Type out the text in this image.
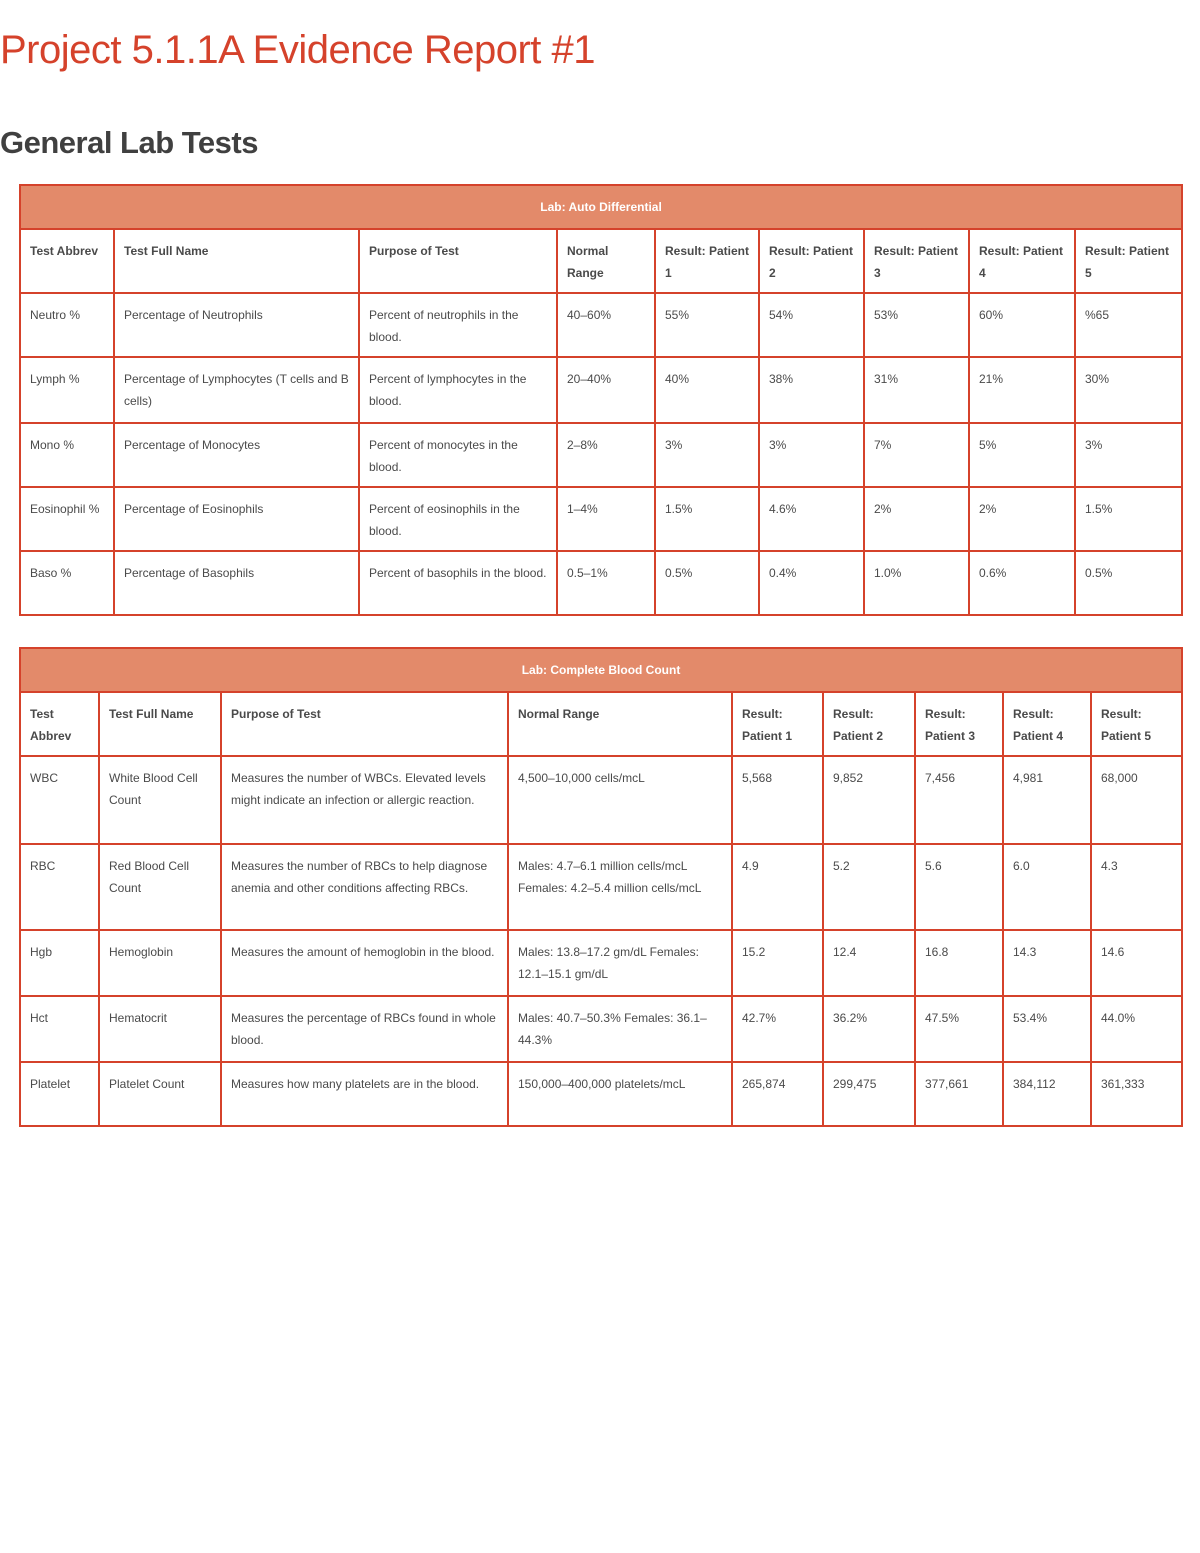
Project 5.1.1A Evidence Report #1
General Lab Tests
Lab: Auto Differential								
Test Abbrev	Test Full Name	Purpose of Test	Normal Range	Result: Patient 1	Result: Patient 2	Result: Patient 3	Result: Patient 4	Result: Patient 5
Neutro %	Percentage of Neutrophils	Percent of neutrophils in the blood.	40–60%	55%	54%	53%	60%	%65
Lymph %	Percentage of Lymphocytes (T cells and B cells)	Percent of lymphocytes in the blood.	20–40%	40%	38%	31%	21%	30%
Mono %	Percentage of Monocytes	Percent of monocytes in the blood.	2–8%	3%	3%	7%	5%	3%
Eosinophil %	Percentage of Eosinophils	Percent of eosinophils in the blood.	1–4%	1.5%	4.6%	2%	2%	1.5%
Baso %	Percentage of Basophils	Percent of basophils in the blood.	0.5–1%	0.5%	0.4%	1.0%	0.6%	0.5%
Lab: Complete Blood Count								
Test Abbrev	Test Full Name	Purpose of Test	Normal Range	Result: Patient 1	Result: Patient 2	Result: Patient 3	Result: Patient 4	Result: Patient 5
WBC	White Blood Cell Count	Measures the number of WBCs. Elevated levels might indicate an infection or allergic reaction.	4,500–10,000 cells/mcL	5,568	9,852	7,456	4,981	68,000
RBC	Red Blood Cell Count	Measures the number of RBCs to help diagnose anemia and other conditions affecting RBCs.	Males: 4.7–6.1 million cells/mcL Females: 4.2–5.4 million cells/mcL	4.9	5.2	5.6	6.0	4.3
Hgb	Hemoglobin	Measures the amount of hemoglobin in the blood.	Males: 13.8–17.2 gm/dL Females: 12.1–15.1 gm/dL	15.2	12.4	16.8	14.3	14.6
Hct	Hematocrit	Measures the percentage of RBCs found in whole blood.	Males: 40.7–50.3% Females: 36.1–44.3%	42.7%	36.2%	47.5%	53.4%	44.0%
Platelet	Platelet Count	Measures how many platelets are in the blood.	150,000–400,000 platelets/mcL	265,874	299,475	377,661	384,112	361,333
